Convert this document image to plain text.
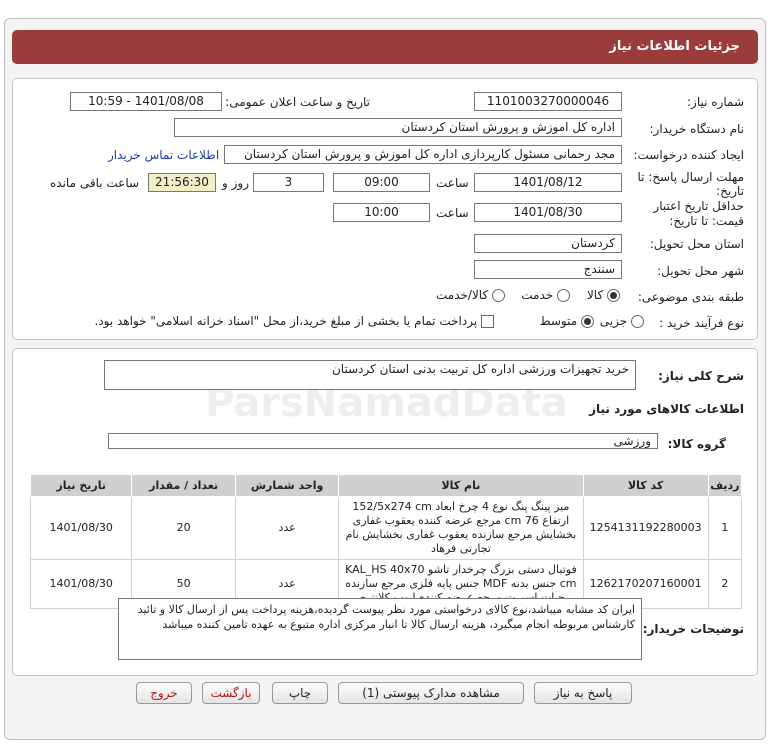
جزئیات اطلاعات نیاز
شماره نیاز:
1101003270000046
تاریخ و ساعت اعلان عمومی:
1401/08/08 - 10:59
نام دستگاه خریدار:
اداره کل اموزش و پرورش استان کردستان
ایجاد کننده درخواست:
مجد رحمانی مسئول کارپردازی اداره کل اموزش و پرورش استان کردستان
اطلاعات تماس خریدار
مهلت ارسال پاسخ: تا
تاریخ:
1401/08/12
ساعت
09:00
3
روز و
21:56:30
ساعت باقی مانده
حداقل تاریخ اعتبار
قیمت: تا تاریخ:
1401/08/30
ساعت
10:00
استان محل تحویل:
کردستان
شهر محل تحویل:
سنندج
طبقه بندی موضوعی:
کالا
خدمت
کالا/خدمت
نوع فرآیند خرید :
جزیی
متوسط
پرداخت تمام یا بخشی از مبلغ خرید،از محل "اسناد خزانه اسلامی" خواهد بود.
شرح کلی نیاز:
خرید تجهیزات ورزشی اداره کل تربیت بدنی استان کردستان
اطلاعات کالاهای مورد نیاز
گروه کالا:
ورزشی
ردیف	کد کالا	نام کالا	واحد شمارش	تعداد / مقدار	تاریخ نیاز
1	1254131192280003	میز پینگ پنگ نوع 4 چرخ ابعاد 152/5x274 cm ارتفاع 76 cm مرجع عرضه کننده یعقوب غفاری بخشایش مرجع سازنده یعقوب غفاری بخشایش نام تجارتی فرهاد	عدد	20	1401/08/30
2	1262170207160001	فوتبال دستی بزرگ چرخدار تاشو KAL_HS 40x70 cm جنس بدنه MDF جنس پایه فلزی مرجع سازنده	عدد	50	1401/08/30
توضیحات خریدار:
ایران کد مشابه میباشد،نوع کالای درخواستی مورد نظر پیوست گردیده،هزینه پرداخت پس از ارسال کالا و تائید کارشناس مربوطه انجام میگیرد، هزینه ارسال کالا تا انبار مرکزی اداره متبوع به عهده تامین کننده میباشد
پاسخ به نیاز
مشاهده مدارک پیوستی (1)
چاپ
بازگشت
خروج
